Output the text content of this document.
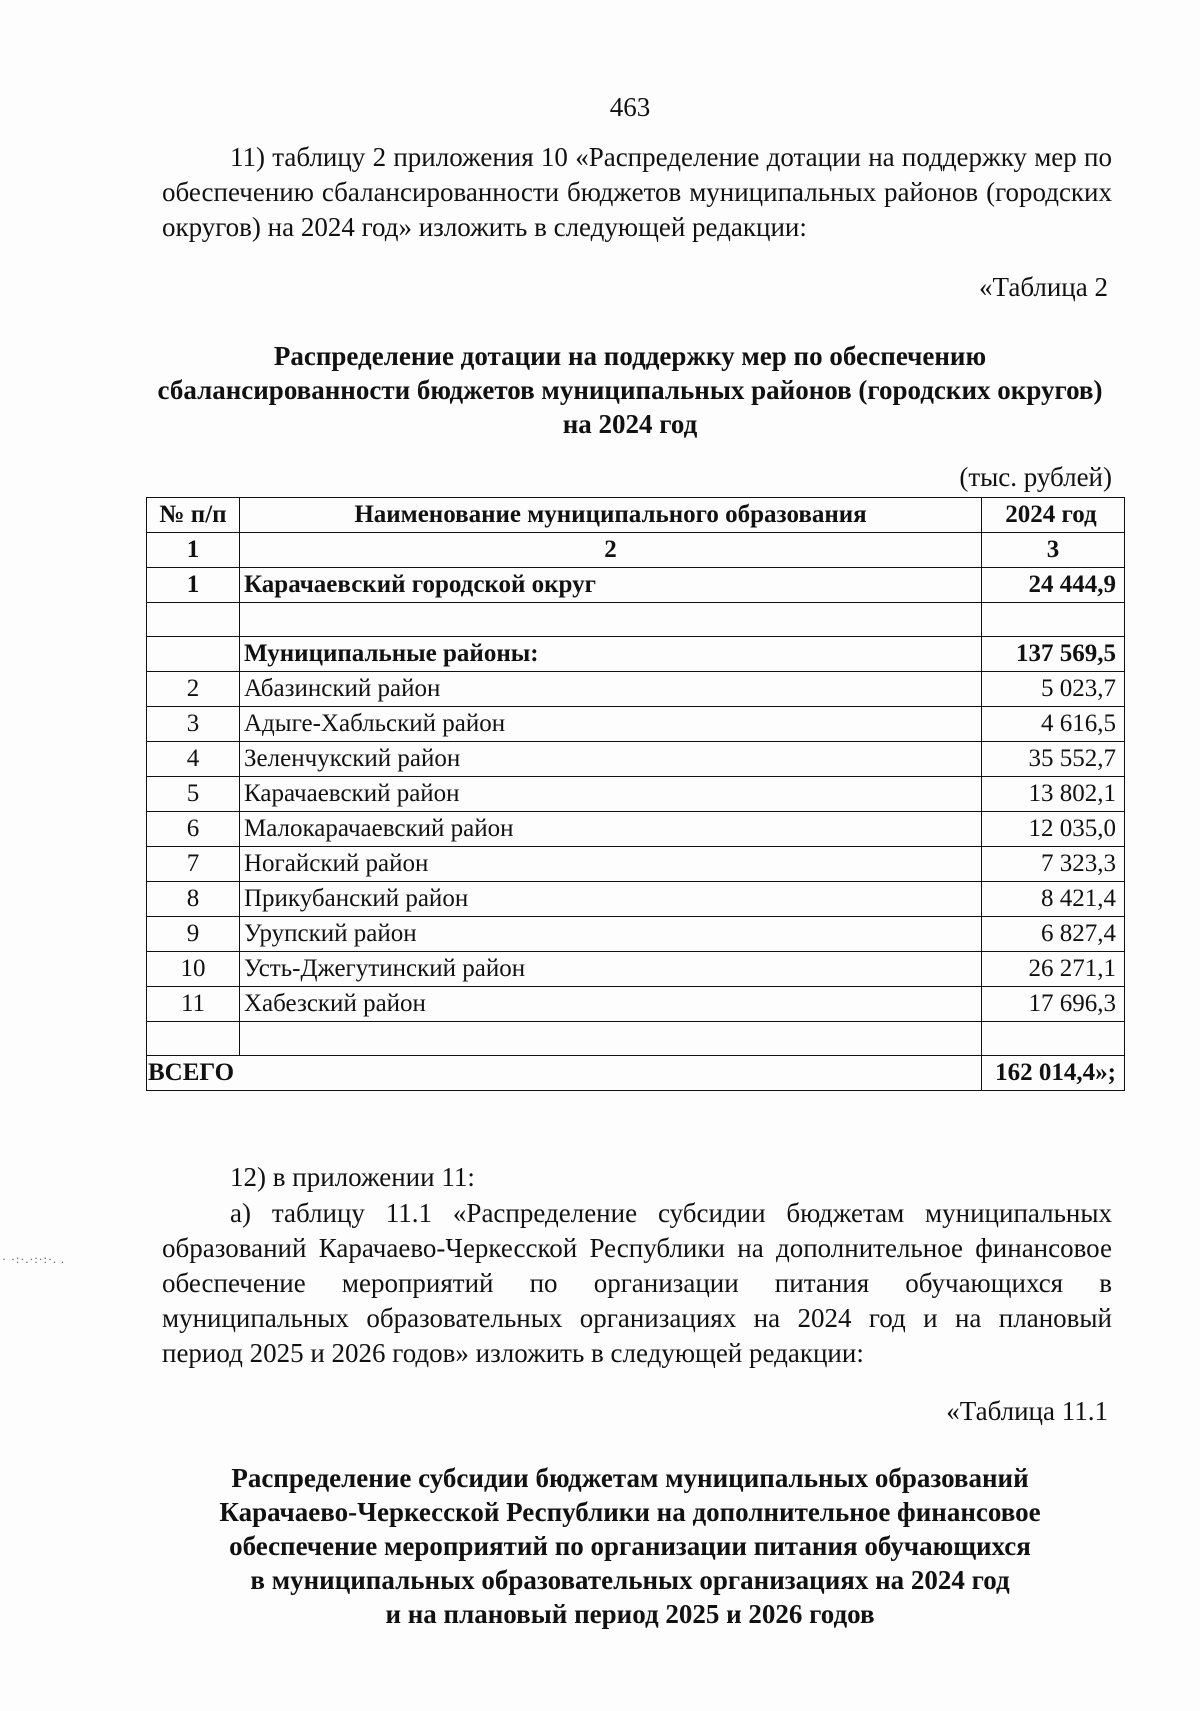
463

11) таблицу 2 приложения 10 «Распределение дотации на поддержку мер по обеспечению сбалансированности бюджетов муниципальных районов (городских округов) на 2024 год» изложить в следующей редакции:

«Таблица 2

Распределение дотации на поддержку мер по обеспечению сбалансированности бюджетов муниципальных районов (городских округов) на 2024 год

(тыс. рублей)
№ п/п	Наименование муниципального образования	2024 год
1	2	3
1	Карачаевский городской округ	24 444,9

	Муниципальные районы:	137 569,5
2	Абазинский район	5 023,7
3	Адыге-Хабльский район	4 616,5
4	Зеленчукский район	35 552,7
5	Карачаевский район	13 802,1
6	Малокарачаевский район	12 035,0
7	Ногайский район	7 323,3
8	Прикубанский район	8 421,4
9	Урупский район	6 827,4
10	Усть-Джегутинский район	26 271,1
11	Хабезский район	17 696,3

ВСЕГО		162 014,4»;

12) в приложении 11:

а) таблицу 11.1 «Распределение субсидии бюджетам муниципальных образований Карачаево-Черкесской Республики на дополнительное финансовое обеспечение мероприятий по организации питания обучающихся в муниципальных образовательных организациях на 2024 год и на плановый период 2025 и 2026 годов» изложить в следующей редакции:

«Таблица 11.1
Распределение субсидии бюджетам муниципальных образований
Карачаево-Черкесской Республики на дополнительное финансовое
обеспечение мероприятий по организации питания обучающихся
в муниципальных образовательных организациях на 2024 год
и на плановый период 2025 и 2026 годов
· ·:·.·:·:·. .
